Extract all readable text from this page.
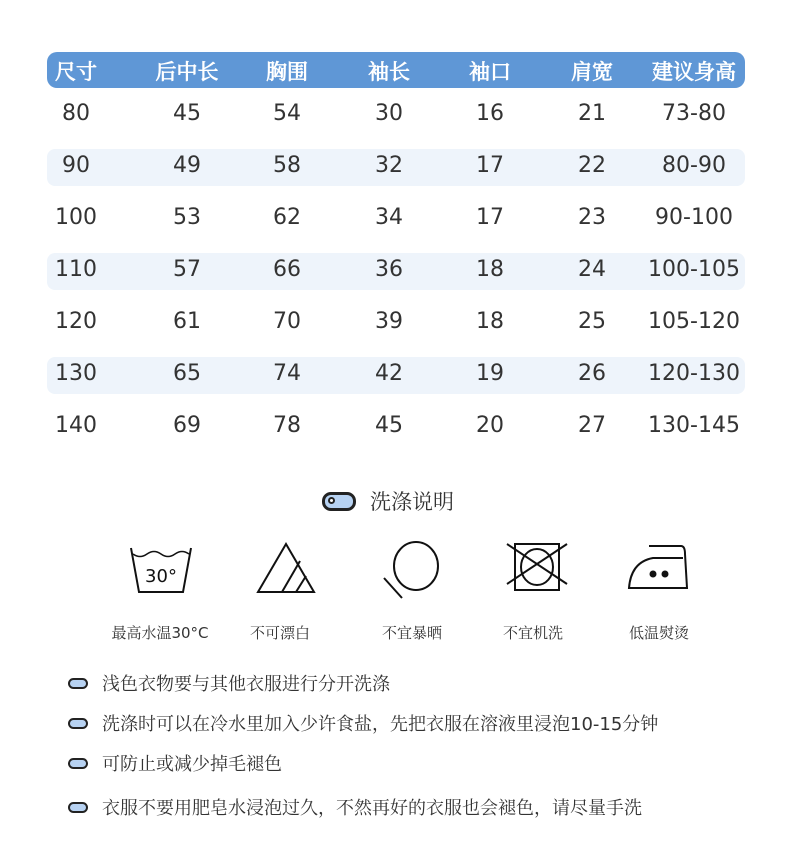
尺寸	后中长 胸围	袖长	袖口	肩宽 建议身高
80	45	54	30	16	21	73-80
90	49	58	32	17	22	80-90
100	53	62	34	17	23 90-100
110	57	66	36	18	24 100-105
120	61	70	39	18	25 105-120
130	65	74	42	19	26 120-130
140	69	78	45	20	27 130-145
洗涤说明
30°
最高水温30°C	不可漂白	不宜暴晒	不宜机洗	低温熨烫
浅色衣物要与其他衣服进行分开洗涤
洗涤时可以在冷水里加入少许食盐，先把衣服在溶液里浸泡10-15分钟
可防止或减少掉毛褪色
衣服不要用肥皂水浸泡过久，不然再好的衣服也会褪色，请尽量手洗
